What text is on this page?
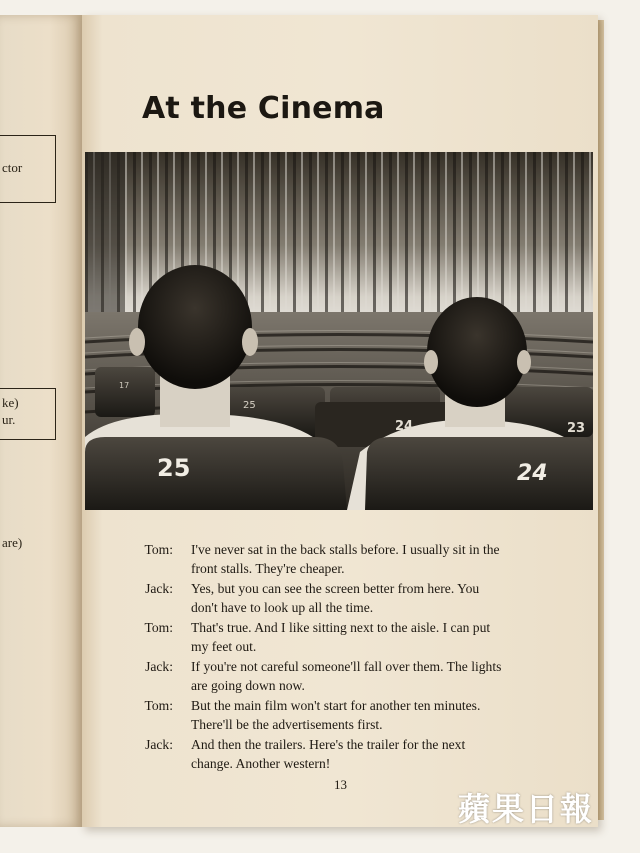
ctor
ke)
ur.
are)
At the Cinema
25	24
25
24	23
17
Tom: I've never sat in the back stalls before. I usually sit in the
front stalls. They're cheaper.
Jack: Yes, but you can see the screen better from here. You
don't have to look up all the time.
Tom: That's true. And I like sitting next to the aisle. I can put
my feet out.
Jack: If you're not careful someone'll fall over them. The lights
are going down now.
Tom: But the main film won't start for another ten minutes.
There'll be the advertisements first.
Jack: And then the trailers. Here's the trailer for the next
change. Another western!
13
蘋果日報
